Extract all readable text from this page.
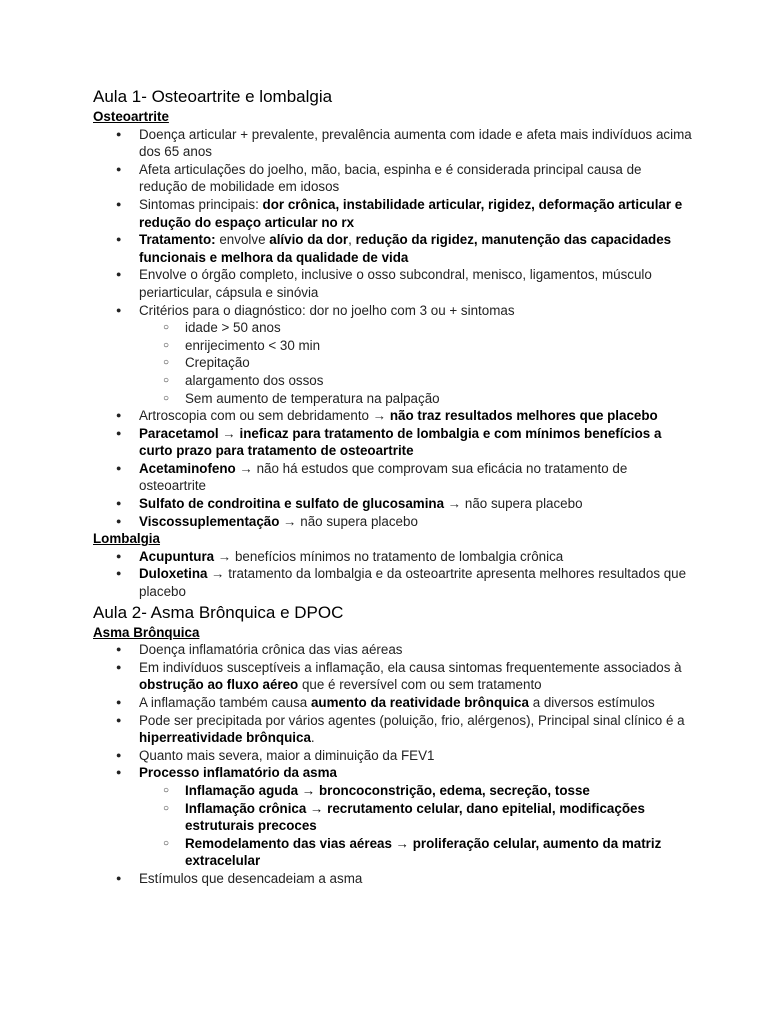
Aula 1- Osteoartrite e lombalgia
Osteoartrite
● Doença articular + prevalente, prevalência aumenta com idade e afeta mais indivíduos acima dos 65 anos
● Afeta articulações do joelho, mão, bacia, espinha e é considerada principal causa de redução de mobilidade em idosos
● Sintomas principais: dor crônica, instabilidade articular, rigidez, deformação articular e redução do espaço articular no rx
● Tratamento: envolve alívio da dor, redução da rigidez, manutenção das capacidades funcionais e melhora da qualidade de vida
● Envolve o órgão completo, inclusive o osso subcondral, menisco, ligamentos, músculo periarticular, cápsula e sinóvia
● Critérios para o diagnóstico: dor no joelho com 3 ou + sintomas
○ idade > 50 anos
○ enrijecimento < 30 min
○ Crepitação
○ alargamento dos ossos
○ Sem aumento de temperatura na palpação
● Artroscopia com ou sem debridamento → não traz resultados melhores que placebo
● Paracetamol → ineficaz para tratamento de lombalgia e com mínimos benefícios a curto prazo para tratamento de osteoartrite
● Acetaminofeno → não há estudos que comprovam sua eficácia no tratamento de osteoartrite
● Sulfato de condroitina e sulfato de glucosamina → não supera placebo
● Viscossuplementação → não supera placebo
Lombalgia
● Acupuntura → benefícios mínimos no tratamento de lombalgia crônica
● Duloxetina → tratamento da lombalgia e da osteoartrite apresenta melhores resultados que placebo
Aula 2- Asma Brônquica e DPOC
Asma Brônquica
● Doença inflamatória crônica das vias aéreas
● Em indivíduos susceptíveis a inflamação, ela causa sintomas frequentemente associados à obstrução ao fluxo aéreo que é reversível com ou sem tratamento
● A inflamação também causa aumento da reatividade brônquica a diversos estímulos
● Pode ser precipitada por vários agentes (poluição, frio, alérgenos), Principal sinal clínico é a hiperreatividade brônquica.
● Quanto mais severa, maior a diminuição da FEV1
● Processo inflamatório da asma
○ Inflamação aguda → broncoconstrição, edema, secreção, tosse
○ Inflamação crônica → recrutamento celular, dano epitelial, modificações estruturais precoces
○ Remodelamento das vias aéreas → proliferação celular, aumento da matriz extracelular
● Estímulos que desencadeiam a asma
